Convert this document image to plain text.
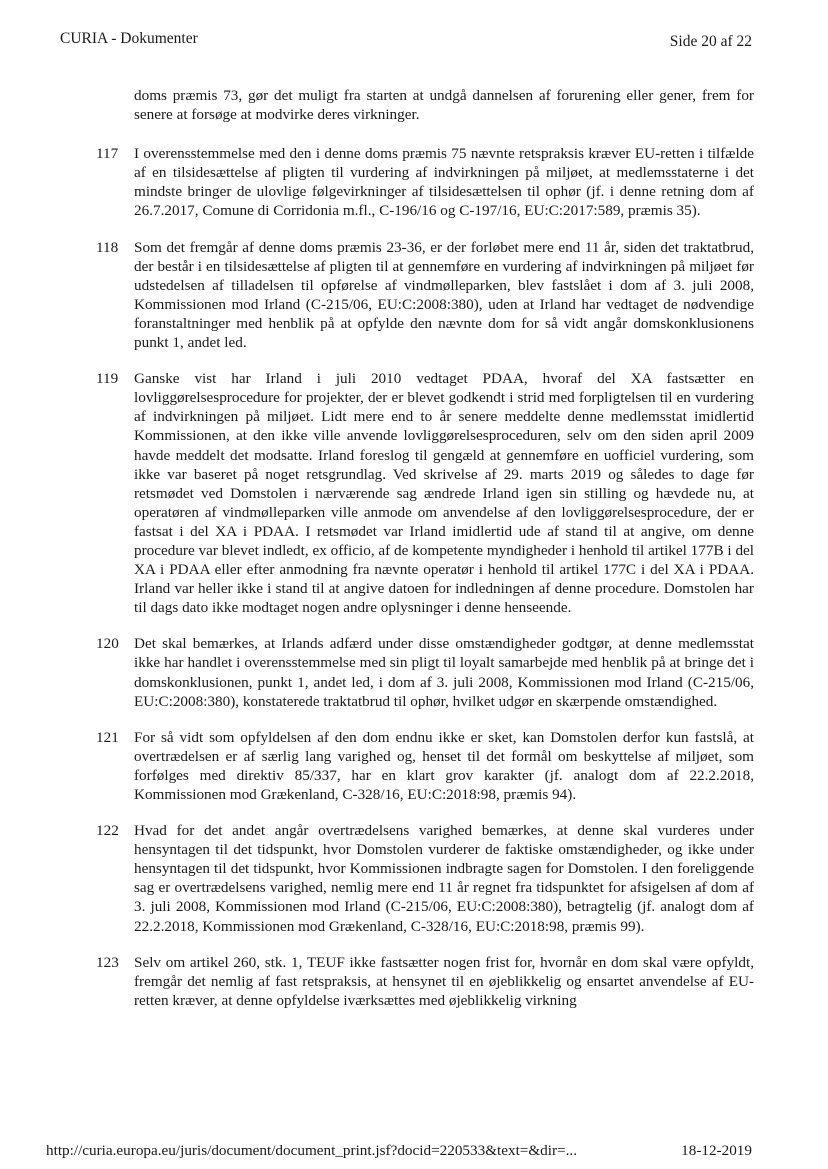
CURIA - Dokumenter	Side 20 af 22
doms præmis 73, gør det muligt fra starten at undgå dannelsen af forurening eller gener, frem for senere at forsøge at modvirke deres virkninger.
117 I overensstemmelse med den i denne doms præmis 75 nævnte retspraksis kræver EU-retten i tilfælde af en tilsidesættelse af pligten til vurdering af indvirkningen på miljøet, at medlemsstaterne i det mindste bringer de ulovlige følgevirkninger af tilsidesættelsen til ophør (jf. i denne retning dom af 26.7.2017, Comune di Corridonia m.fl., C-196/16 og C-197/16, EU:C:2017:589, præmis 35).
118 Som det fremgår af denne doms præmis 23-36, er der forløbet mere end 11 år, siden det traktatbrud, der består i en tilsidesættelse af pligten til at gennemføre en vurdering af indvirkningen på miljøet før udstedelsen af tilladelsen til opførelse af vindmølleparken, blev fastslået i dom af 3. juli 2008, Kommissionen mod Irland (C-215/06, EU:C:2008:380), uden at Irland har vedtaget de nødvendige foranstaltninger med henblik på at opfylde den nævnte dom for så vidt angår domskonklusionens punkt 1, andet led.
119 Ganske vist har Irland i juli 2010 vedtaget PDAA, hvoraf del XA fastsætter en lovliggørelsesprocedure for projekter, der er blevet godkendt i strid med forpligtelsen til en vurdering af indvirkningen på miljøet. Lidt mere end to år senere meddelte denne medlemsstat imidlertid Kommissionen, at den ikke ville anvende lovliggørelsesproceduren, selv om den siden april 2009 havde meddelt det modsatte. Irland foreslog til gengæld at gennemføre en uofficiel vurdering, som ikke var baseret på noget retsgrundlag. Ved skrivelse af 29. marts 2019 og således to dage før retsmødet ved Domstolen i nærværende sag ændrede Irland igen sin stilling og hævdede nu, at operatøren af vindmølleparken ville anmode om anvendelse af den lovliggørelsesprocedure, der er fastsat i del XA i PDAA. I retsmødet var Irland imidlertid ude af stand til at angive, om denne procedure var blevet indledt, ex officio, af de kompetente myndigheder i henhold til artikel 177B i del XA i PDAA eller efter anmodning fra nævnte operatør i henhold til artikel 177C i del XA i PDAA. Irland var heller ikke i stand til at angive datoen for indledningen af denne procedure. Domstolen har til dags dato ikke modtaget nogen andre oplysninger i denne henseende.
120 Det skal bemærkes, at Irlands adfærd under disse omstændigheder godtgør, at denne medlemsstat ikke har handlet i overensstemmelse med sin pligt til loyalt samarbejde med henblik på at bringe det i domskonklusionen, punkt 1, andet led, i dom af 3. juli 2008, Kommissionen mod Irland (C-215/06, EU:C:2008:380), konstaterede traktatbrud til ophør, hvilket udgør en skærpende omstændighed.
121 For så vidt som opfyldelsen af den dom endnu ikke er sket, kan Domstolen derfor kun fastslå, at overtrædelsen er af særlig lang varighed og, henset til det formål om beskyttelse af miljøet, som forfølges med direktiv 85/337, har en klart grov karakter (jf. analogt dom af 22.2.2018, Kommissionen mod Grækenland, C-328/16, EU:C:2018:98, præmis 94).
122 Hvad for det andet angår overtrædelsens varighed bemærkes, at denne skal vurderes under hensyntagen til det tidspunkt, hvor Domstolen vurderer de faktiske omstændigheder, og ikke under hensyntagen til det tidspunkt, hvor Kommissionen indbragte sagen for Domstolen. I den foreliggende sag er overtrædelsens varighed, nemlig mere end 11 år regnet fra tidspunktet for afsigelsen af dom af 3. juli 2008, Kommissionen mod Irland (C-215/06, EU:C:2008:380), betragtelig (jf. analogt dom af 22.2.2018, Kommissionen mod Grækenland, C-328/16, EU:C:2018:98, præmis 99).
123 Selv om artikel 260, stk. 1, TEUF ikke fastsætter nogen frist for, hvornår en dom skal være opfyldt, fremgår det nemlig af fast retspraksis, at hensynet til en øjeblikkelig og ensartet anvendelse af EU-retten kræver, at denne opfyldelse iværksættes med øjeblikkelig virkning
http://curia.europa.eu/juris/document/document_print.jsf?docid=220533&text=&dir=...	18-12-2019
